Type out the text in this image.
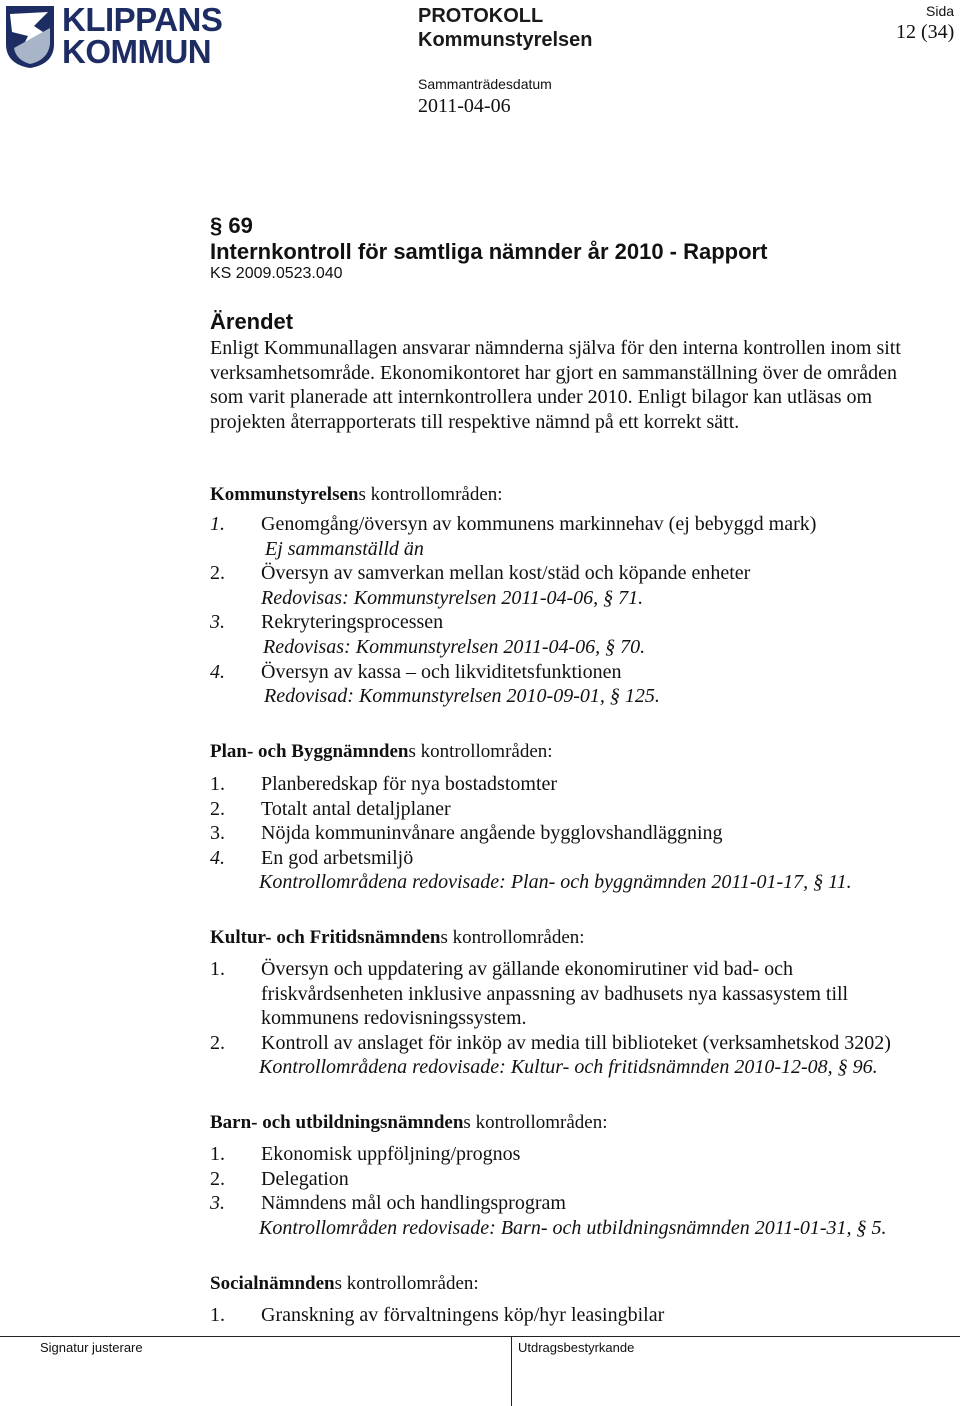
KLIPPANS
KOMMUN
PROTOKOLL
Kommunstyrelsen
Sammanträdesdatum
2011-04-06
Sida
12 (34)
§ 69
Internkontroll för samtliga nämnder år 2010 - Rapport
KS 2009.0523.040
Ärendet
Enligt Kommunallagen ansvarar nämnderna själva för den interna kontrollen inom sitt verksamhetsområde. Ekonomikontoret har gjort en sammanställning över de områden som varit planerade att internkontrollera under 2010. Enligt bilagor kan utläsas om projekten återrapporterats till respektive nämnd på ett korrekt sätt.
Kommunstyrelsens kontrollområden:
1. Genomgång/översyn av kommunens markinnehav (ej bebyggd mark)
Ej sammanställd än
2. Översyn av samverkan mellan kost/städ och köpande enheter
Redovisas: Kommunstyrelsen 2011-04-06, § 71.
3. Rekryteringsprocessen
Redovisas: Kommunstyrelsen 2011-04-06, § 70.
4. Översyn av kassa – och likviditetsfunktionen
Redovisad: Kommunstyrelsen 2010-09-01, § 125.
Plan- och Byggnämndens kontrollområden:
1. Planberedskap för nya bostadstomter
2. Totalt antal detaljplaner
3. Nöjda kommuninvånare angående bygglovshandläggning
4. En god arbetsmiljö
Kontrollområdena redovisade: Plan- och byggnämnden 2011-01-17, § 11.
Kultur- och Fritidsnämndens kontrollområden:
1. Översyn och uppdatering av gällande ekonomirutiner vid bad- och friskvårdsenheten inklusive anpassning av badhusets nya kassasystem till kommunens redovisningssystem.
2. Kontroll av anslaget för inköp av media till biblioteket (verksamhetskod 3202)
Kontrollområdena redovisade: Kultur- och fritidsnämnden 2010-12-08, § 96.
Barn- och utbildningsnämndens kontrollområden:
1. Ekonomisk uppföljning/prognos
2. Delegation
3. Nämndens mål och handlingsprogram
Kontrollområden redovisade: Barn- och utbildningsnämnden 2011-01-31, § 5.
Socialnämndens kontrollområden:
1. Granskning av förvaltningens köp/hyr leasingbilar
Signatur justerare	Utdragsbestyrkande
